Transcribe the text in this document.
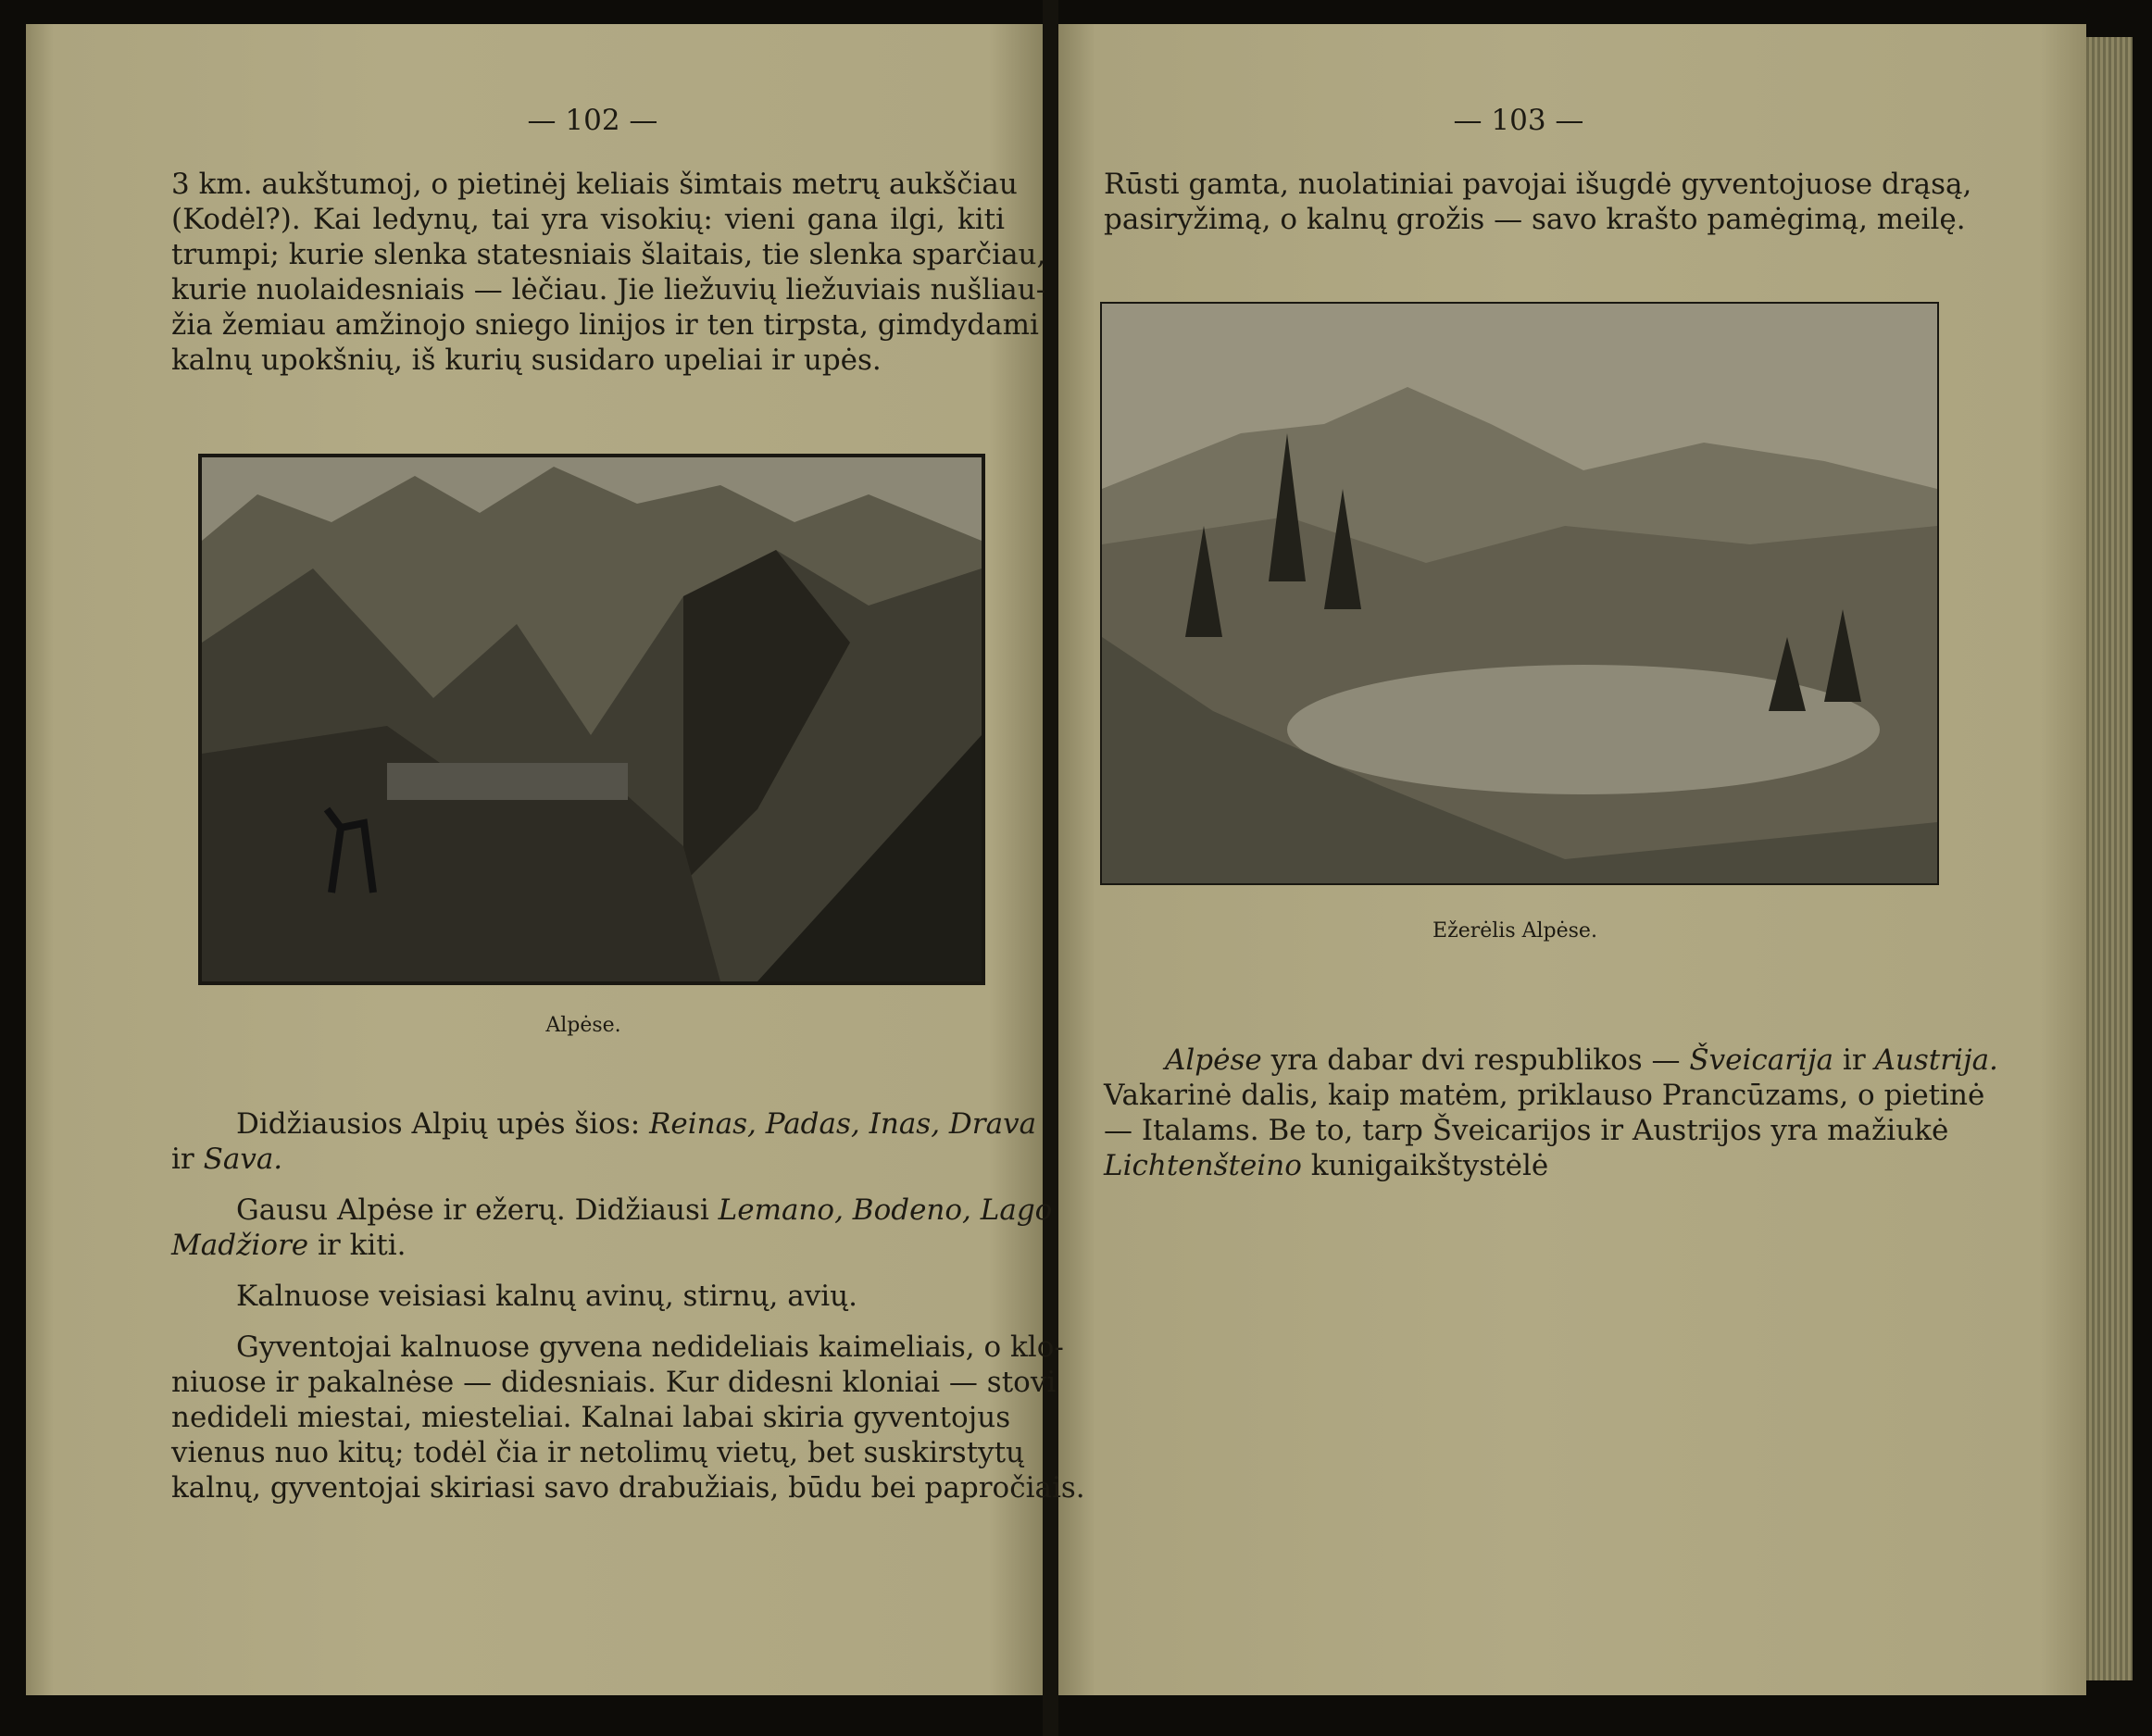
— 102 —	— 103 —
3 km. aukštumoj, o pietinėj keliais šimtais metrų aukščiau
(Kodėl?). Kai ledynų, tai yra visokių: vieni gana ilgi, kiti
trumpi; kurie slenka statesniais šlaitais, tie slenka sparčiau,
kurie nuolaidesniais — lėčiau. Jie liežuvių liežuviais nušliau-
žia žemiau amžinojo sniego linijos ir ten tirpsta, gimdydami
kalnų upokšnių, iš kurių susidaro upeliai ir upės.
Didžiausios Alpių upės šios: Reinas, Padas, Inas, Drava
ir Sava.
Gausu Alpėse ir ežerų. Didžiausi Lemano, Bodeno, Lago
Madžiore ir kiti.
Kalnuose veisiasi kalnų avinų, stirnų, avių.
Gyventojai kalnuose gyvena nedideliais kaimeliais, o klo-
niuose ir pakalnėse — didesniais. Kur didesni kloniai — stovi
nedideli miestai, miesteliai. Kalnai labai skiria gyventojus
vienus nuo kitų; todėl čia ir netolimų vietų, bet suskirstytų
kalnų, gyventojai skiriasi savo drabužiais, būdu bei papročiais.
Rūsti gamta, nuolatiniai pavojai išugdė gyventojuose drąsą,
pasiryžimą, o kalnų grožis — savo krašto pamėgimą, meilę.
Alpėse yra dabar dvi respublikos — Šveicarija ir Austrija.
Vakarinė dalis, kaip matėm, priklauso Prancūzams, o pietinė
— Italams. Be to, tarp Šveicarijos ir Austrijos yra mažiukė
Lichtenšteino kunigaikštystėlė
Alpėse.
Ežerėlis Alpėse.
